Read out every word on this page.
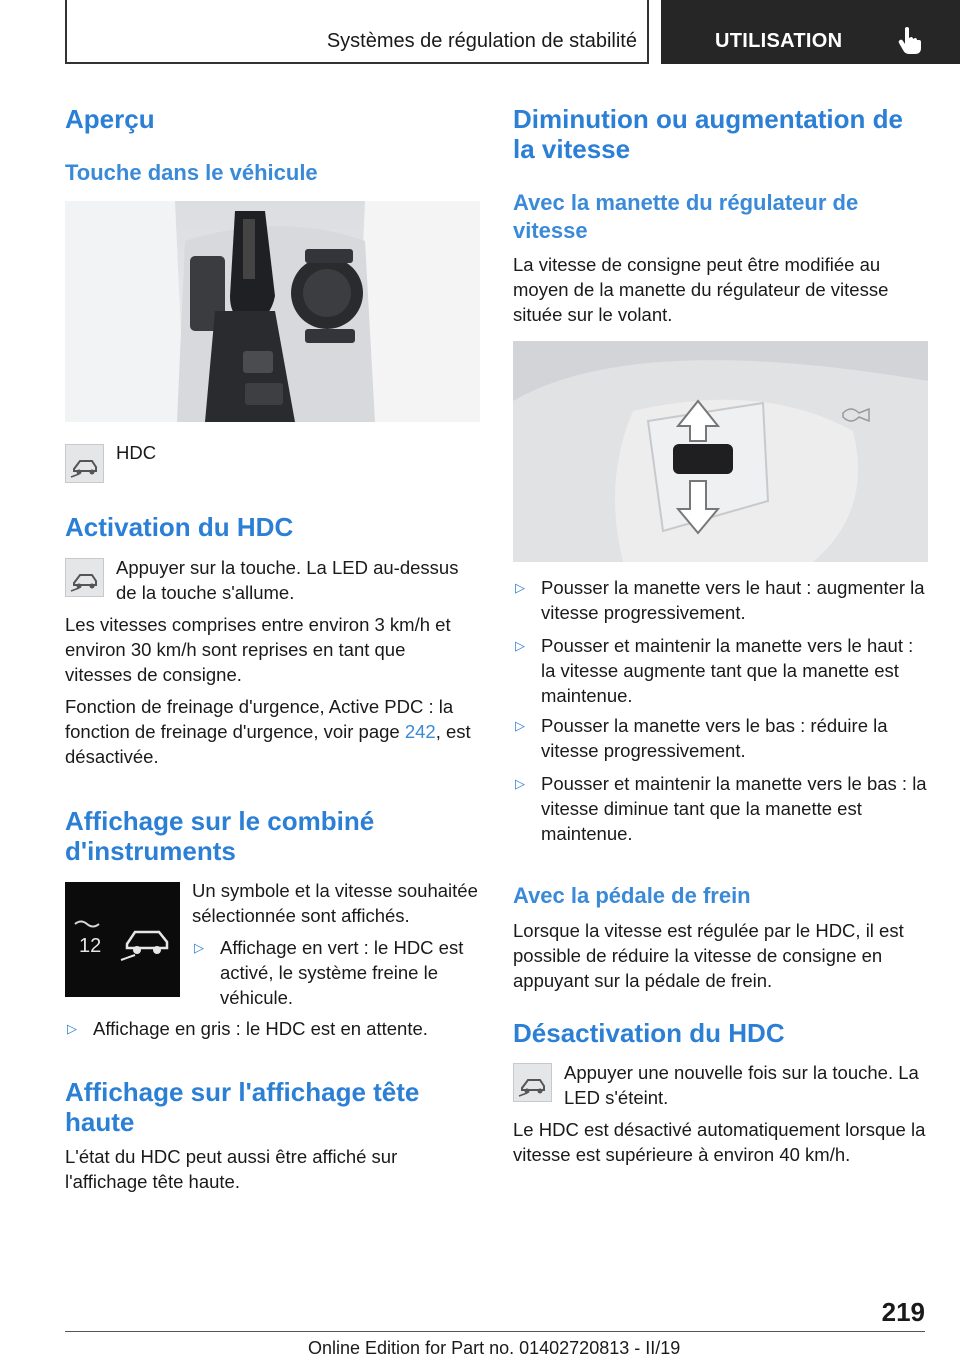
Systèmes de régulation de stabilité	UTILISATION
Aperçu
Touche dans le véhicule
HDC
Activation du HDC
Appuyer sur la touche. La LED au-dessus de la touche s'allume.
Les vitesses comprises entre environ 3 km/h et environ 30 km/h sont reprises en tant que vitesses de consigne.
Fonction de freinage d'urgence, Active PDC : la fonction de freinage d'urgence, voir page 242, est désactivée.
Affichage sur le combiné d'instruments
12
Un symbole et la vitesse souhaitée sélectionnée sont affichés.
▷ Affichage en vert : le HDC est activé, le système freine le véhicule.
▷ Affichage en gris : le HDC est en attente.
Affichage sur l'affichage tête haute
L'état du HDC peut aussi être affiché sur l'affichage tête haute.
Diminution ou augmentation de la vitesse
Avec la manette du régulateur de vitesse
La vitesse de consigne peut être modifiée au moyen de la manette du régulateur de vitesse située sur le volant.
▷ Pousser la manette vers le haut : augmenter la vitesse progressivement.
▷ Pousser et maintenir la manette vers le haut : la vitesse augmente tant que la manette est maintenue.
▷ Pousser la manette vers le bas : réduire la vitesse progressivement.
▷ Pousser et maintenir la manette vers le bas : la vitesse diminue tant que la manette est maintenue.
Avec la pédale de frein
Lorsque la vitesse est régulée par le HDC, il est possible de réduire la vitesse de consigne en appuyant sur la pédale de frein.
Désactivation du HDC
Appuyer une nouvelle fois sur la touche. La LED s'éteint.
Le HDC est désactivé automatiquement lorsque la vitesse est supérieure à environ 40 km/h.
219
Online Edition for Part no. 01402720813 - II/19
